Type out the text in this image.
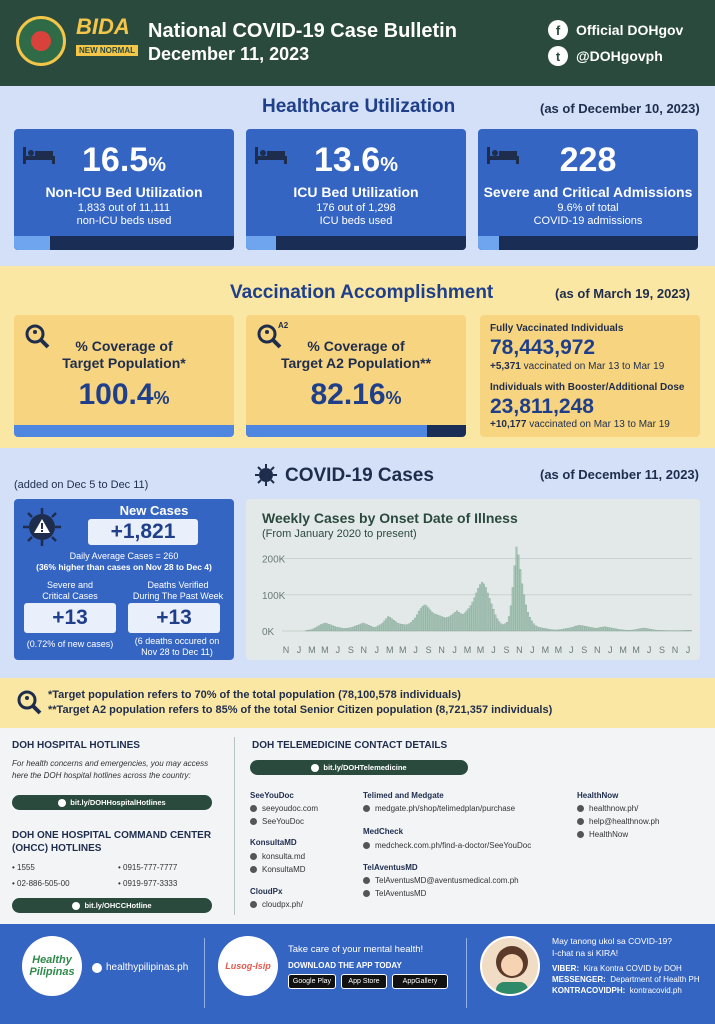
BIDA
NEW NORMAL
National COVID-19 Case Bulletin
December 11, 2023
f	Official DOHgov
t	@DOHgovph
Healthcare Utilization	(as of December 10, 2023)
16.5%
Non-ICU Bed Utilization
1,833 out of 11,111
non-ICU beds used
13.6%
ICU Bed Utilization
176 out of 1,298
ICU beds used
228
Severe and Critical Admissions
9.6% of total
COVID-19 admissions
Vaccination Accomplishment	(as of March 19, 2023)
% Coverage of
Target Population*
100.4%
A2
% Coverage of
Target A2 Population**
82.16%
Fully Vaccinated Individuals
78,443,972
+5,371 vaccinated on Mar 13 to Mar 19
Individuals with Booster/Additional Dose
23,811,248
+10,177 vaccinated on Mar 13 to Mar 19
COVID-19 Cases	(as of December 11, 2023)
(added on Dec 5 to Dec 11)
New Cases
+1,821
Daily Average Cases = 260
(36% higher than cases on Nov 28 to Dec 4)
Severe and
Critical Cases
Deaths Verified
During The Past Week
+13	+13
(0.72% of new cases)	(6 deaths occured on
Nov 28 to Dec 11)
Weekly Cases by Onset Date of Illness
(From January 2020 to present)
200K
100K
0K
N J M M J S N J M M J S N J M M J S N J M M J S N J M M J S N J
*Target population refers to 70% of the total population (78,100,578 individuals)
**Target A2 population refers to 85% of the total Senior Citizen population (8,721,357 individuals)
DOH HOSPITAL HOTLINES
For health concerns and emergencies, you may access
here the DOH hospital hotlines across the country:
bit.ly/DOHHospitalHotlines
DOH ONE HOSPITAL COMMAND CENTER
(OHCC) HOTLINES
• 1555	• 0915-777-7777
• 02-886-505-00	• 0919-977-3333
bit.ly/OHCCHotline
DOH TELEMEDICINE CONTACT DETAILS
bit.ly/DOHTelemedicine
SeeYouDoc
seeyoudoc.com
SeeYouDoc
KonsultaMD
konsulta.md
KonsultaMD
CloudPx
cloudpx.ph/
Telimed and Medgate
medgate.ph/shop/telimedplan/purchase
MedCheck
medcheck.com.ph/find-a-doctor/SeeYouDoc
TelAventusMD
TelAventusMD@aventusmedical.com.ph
TelAventusMD
HealthNow
healthnow.ph/
help@healthnow.ph
HealthNow
Healthy
Pilipinas	healthypilipinas.ph	Lusog-Isip
Take care of your mental health!
DOWNLOAD THE APP TODAY
Google Play	App Store	AppGallery
May tanong ukol sa COVID-19?
I-chat na si KIRA!
VIBER: Kira Kontra COVID by DOH
MESSENGER: Department of Health PH
KONTRACOVIDPH: kontracovid.ph
